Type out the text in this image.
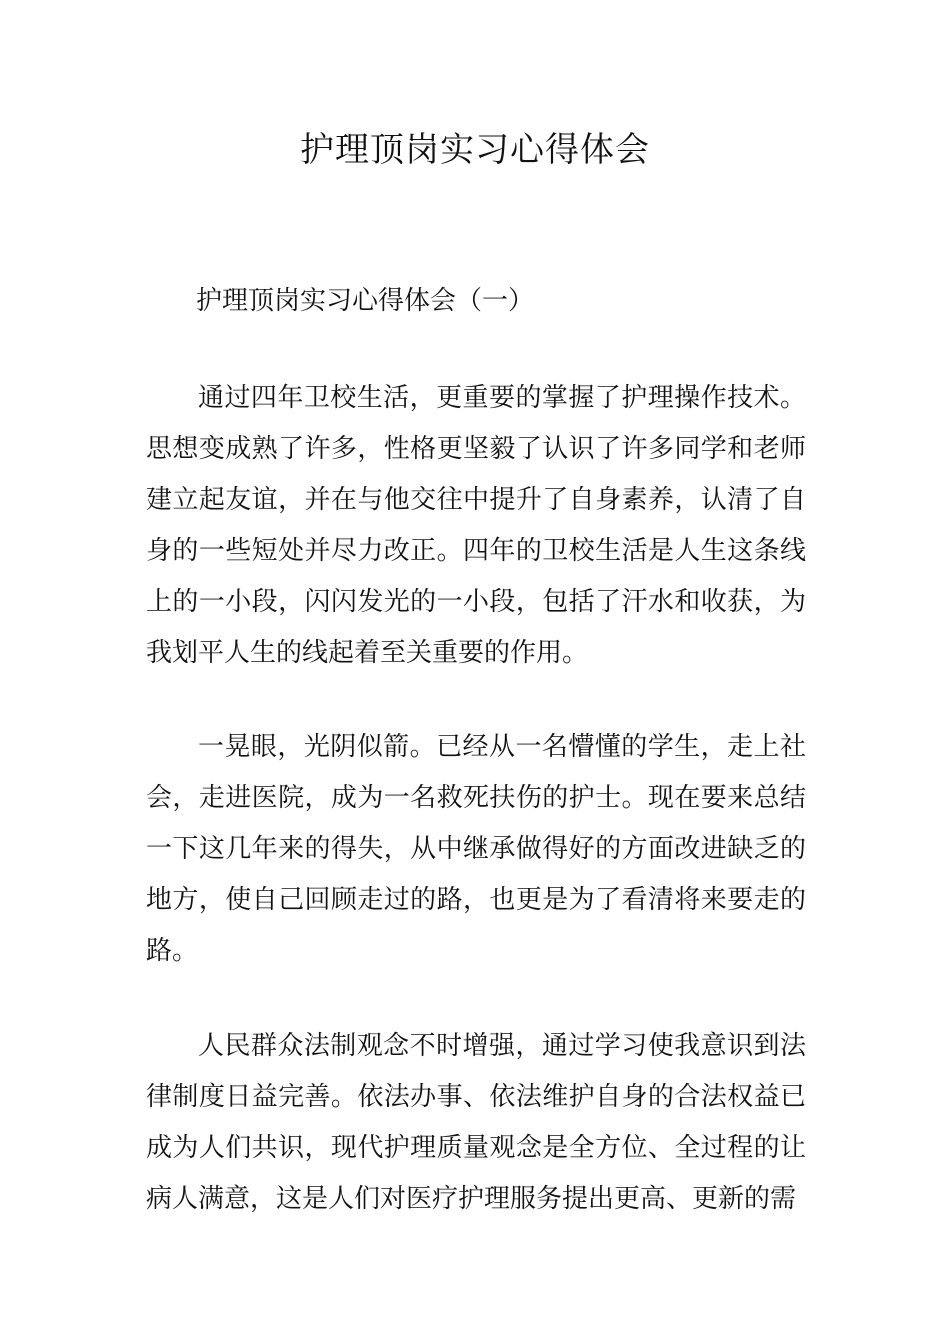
护理顶岗实习心得体会
护理顶岗实习心得体会（一）

通过四年卫校生活，更重要的掌握了护理操作技术。思想变成熟了许多，性格更坚毅了认识了许多同学和老师建立起友谊，并在与他交往中提升了自身素养，认清了自身的一些短处并尽力改正。四年的卫校生活是人生这条线上的一小段，闪闪发光的一小段，包括了汗水和收获，为我划平人生的线起着至关重要的作用。

一晃眼，光阴似箭。已经从一名懵懂的学生，走上社会，走进医院，成为一名救死扶伤的护士。现在要来总结一下这几年来的得失，从中继承做得好的方面改进缺乏的地方，使自己回顾走过的路，也更是为了看清将来要走的路。

人民群众法制观念不时增强，通过学习使我意识到法律制度日益完善。依法办事、依法维护自身的合法权益已成为人们共识，现代护理质量观念是全方位、全过程的让病人满意，这是人们对医疗护理服务提出更高、更新的需
